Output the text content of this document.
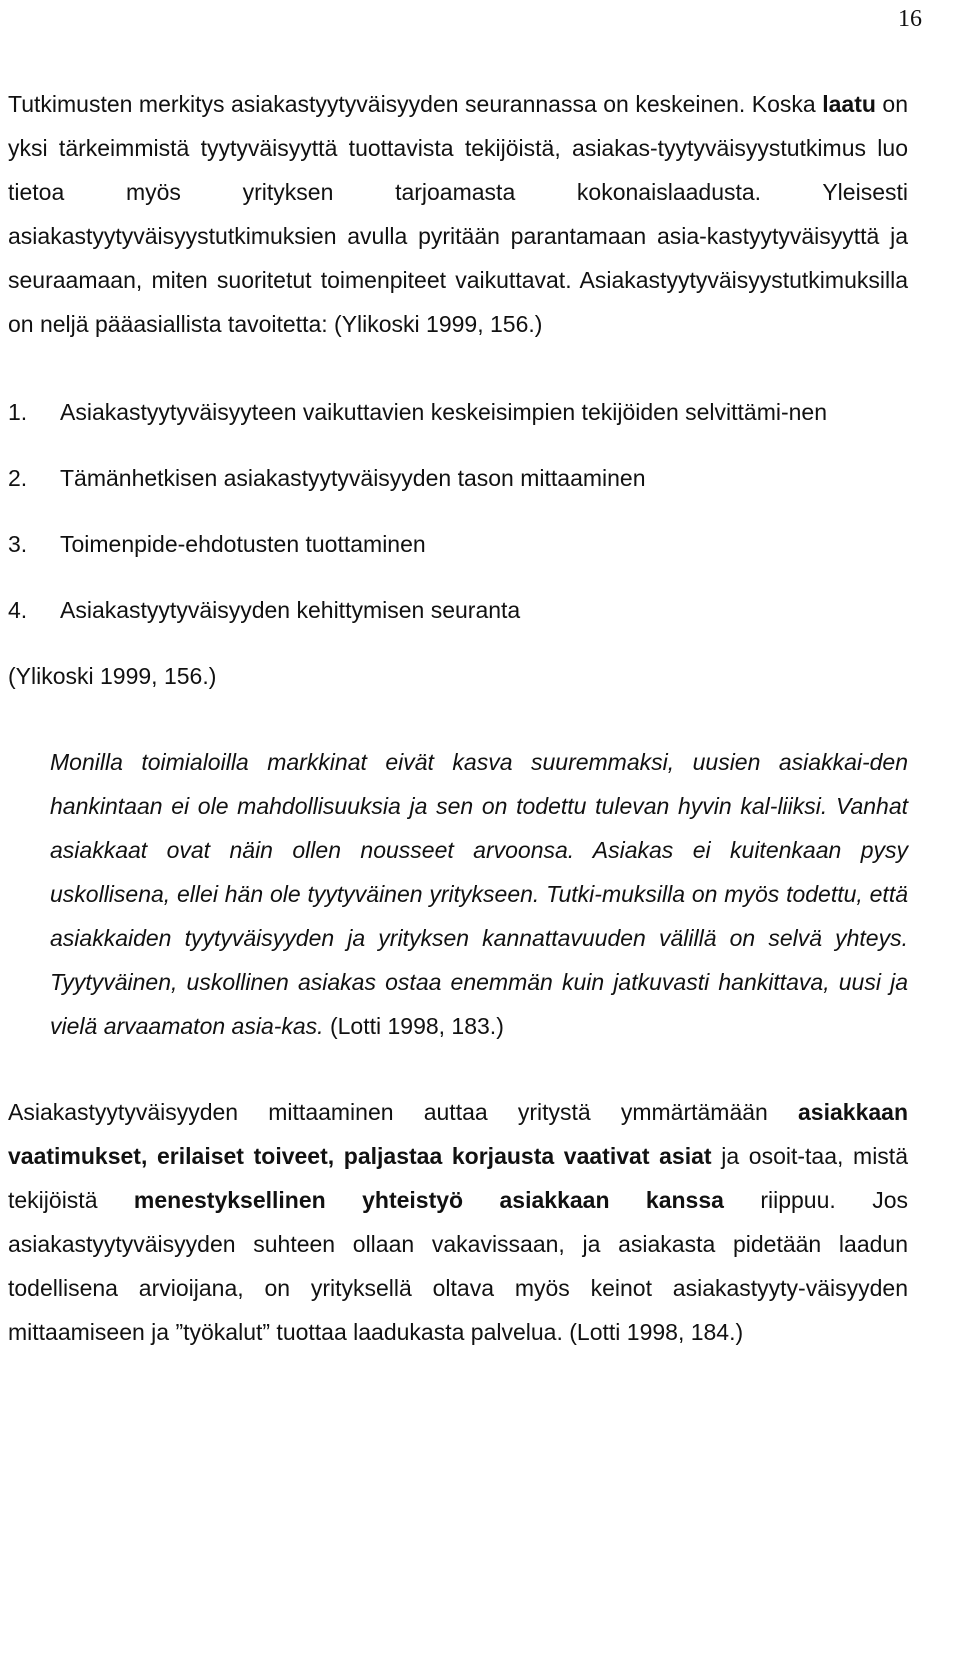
16

Tutkimusten merkitys asiakastyytyväisyyden seurannassa on keskeinen. Koska laatu on yksi tärkeimmistä tyytyväisyyttä tuottavista tekijöistä, asiakas-tyytyväisyystutkimus luo tietoa myös yrityksen tarjoamasta kokonaislaadusta. Yleisesti asiakastyytyväisyystutkimuksien avulla pyritään parantamaan asia-kastyytyväisyyttä ja seuraamaan, miten suoritetut toimenpiteet vaikuttavat. Asiakastyytyväisyystutkimuksilla on neljä pääasiallista tavoitetta: (Ylikoski 1999, 156.)

1. Asiakastyytyväisyyteen vaikuttavien keskeisimpien tekijöiden selvittämi-nen
2. Tämänhetkisen asiakastyytyväisyyden tason mittaaminen
3. Toimenpide-ehdotusten tuottaminen
4. Asiakastyytyväisyyden kehittymisen seuranta
(Ylikoski 1999, 156.)

Monilla toimialoilla markkinat eivät kasva suuremmaksi, uusien asiakkai-den hankintaan ei ole mahdollisuuksia ja sen on todettu tulevan hyvin kal-liiksi. Vanhat asiakkaat ovat näin ollen nousseet arvoonsa. Asiakas ei kuitenkaan pysy uskollisena, ellei hän ole tyytyväinen yritykseen. Tutki-muksilla on myös todettu, että asiakkaiden tyytyväisyyden ja yrityksen kannattavuuden välillä on selvä yhteys. Tyytyväinen, uskollinen asiakas ostaa enemmän kuin jatkuvasti hankittava, uusi ja vielä arvaamaton asia-kas. (Lotti 1998, 183.)

Asiakastyytyväisyyden mittaaminen auttaa yritystä ymmärtämään asiakkaan vaatimukset, erilaiset toiveet, paljastaa korjausta vaativat asiat ja osoit-taa, mistä tekijöistä menestyksellinen yhteistyö asiakkaan kanssa riippuu. Jos asiakastyytyväisyyden suhteen ollaan vakavissaan, ja asiakasta pidetään laadun todellisena arvioijana, on yrityksellä oltava myös keinot asiakastyyty-väisyyden mittaamiseen ja ”työkalut” tuottaa laadukasta palvelua. (Lotti 1998, 184.)
